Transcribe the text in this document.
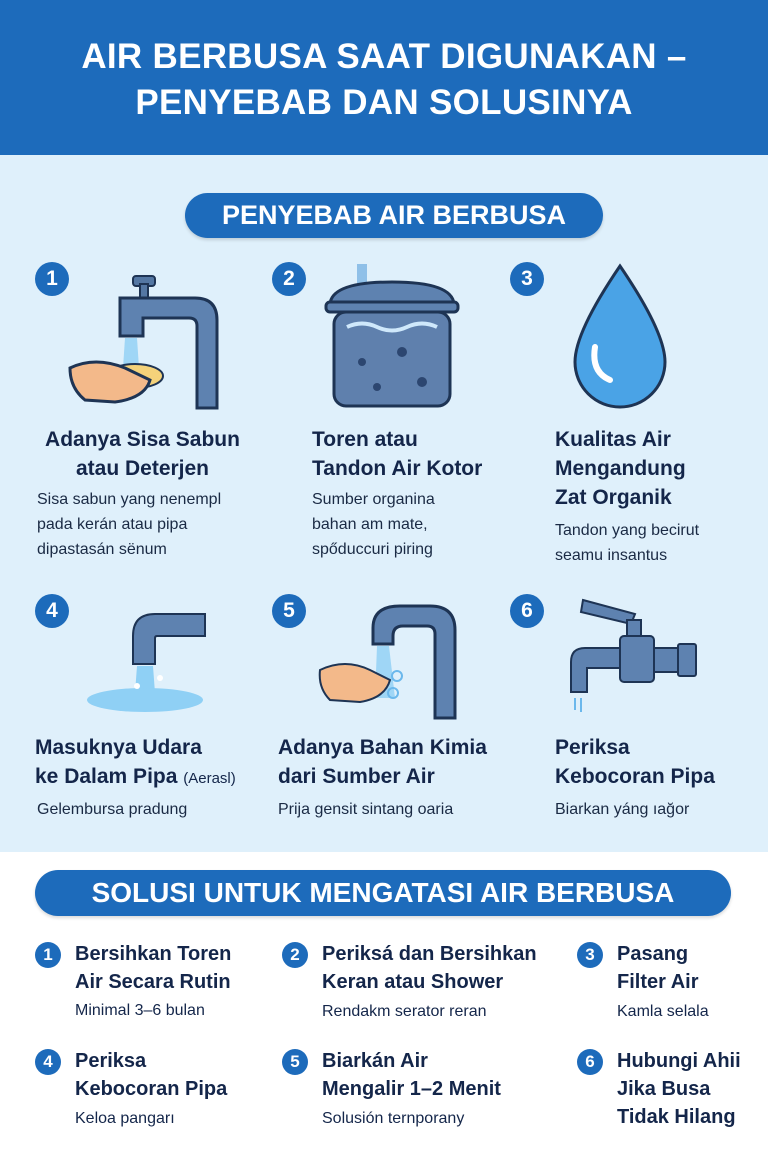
AIR BERBUSA SAAT DIGUNAKAN –
PENYEBAB DAN SOLUSINYA
PENYEBAB AIR BERBUSA
1
Adanya Sisa Sabun
atau Deterjen
Sisa sabun yang nenempl
pada kerán atau pipa
dipastasán sënum
2
Toren atau
Tandon Air Kotor
Sumber organina
bahan am mate,
spőduccuri piring
3
Kualitas Air
Mengandung
Zat Organik
Tandon yang becirut
seamu insantus
4
Masuknya Udara
ke Dalam Pipa (Aerasl)
Gelembursa pradung
5
Adanya Bahan Kimia
dari Sumber Air
Prija gensit sintang oaria
6
Periksa
Kebocoran Pipa
Biarkan yáng ıağor
SOLUSI UNTUK MENGATASI AIR BERBUSA
1	Bersihkan Toren
Air Secara Rutin
Minimal 3–6 bulan
2	Periksá dan Bersihkan
Keran atau Shower
Rendakm serator reran
3	Pasang
Filter Air
Kamla selala
4	Periksa
Kebocoran Pipa
Keloa pangarı
5	Biarkán Air
Mengalir 1–2 Menit
Solusión ternporany
6	Hubungi Ahii
Jika Busa
Tidak Hilang
